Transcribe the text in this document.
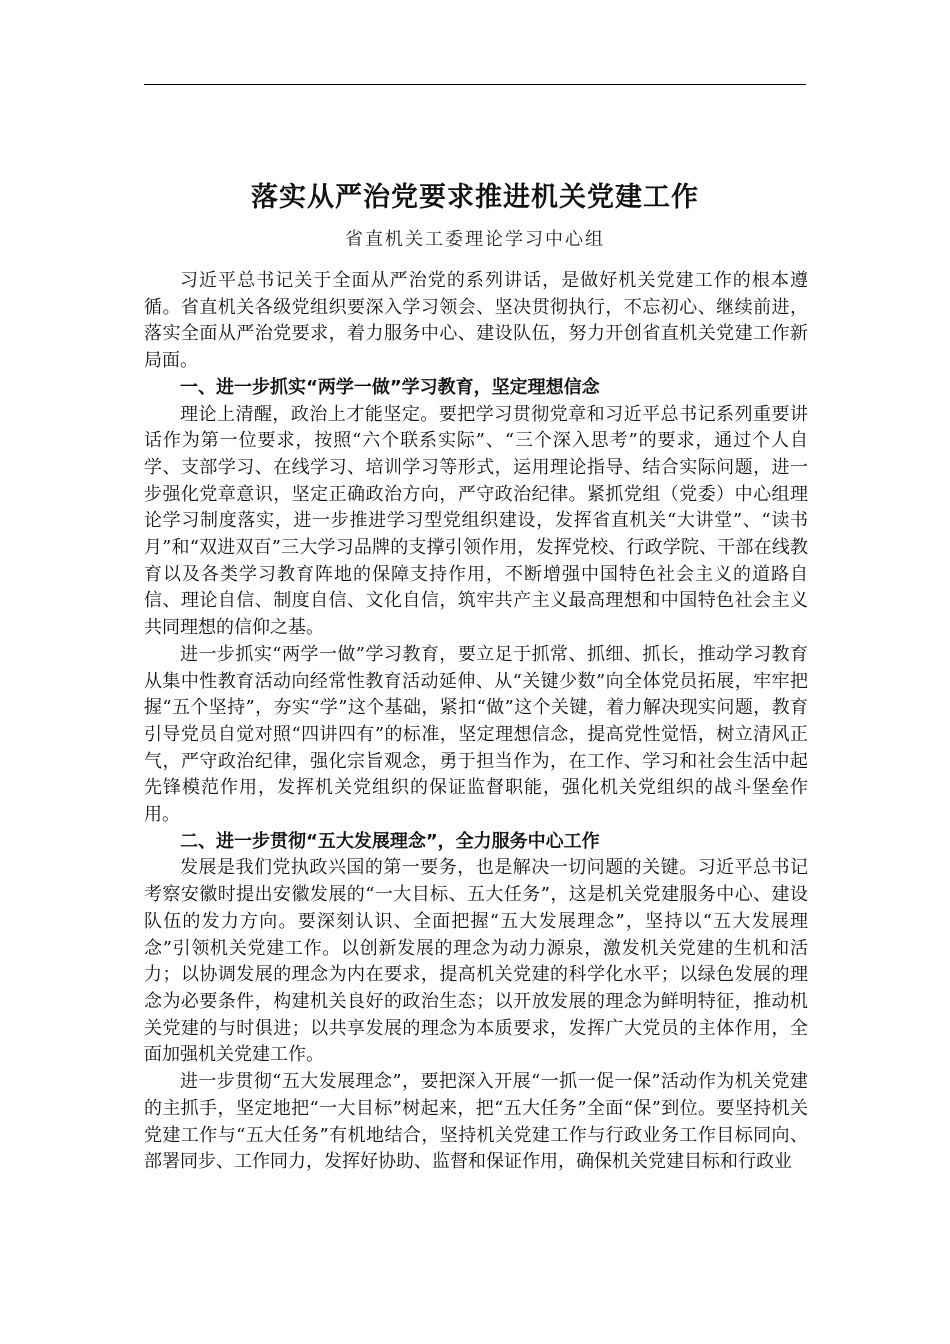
落实从严治党要求推进机关党建工作
省直机关工委理论学习中心组

习近平总书记关于全面从严治党的系列讲话，是做好机关党建工作的根本遵循。省直机关各级党组织要深入学习领会、坚决贯彻执行，不忘初心、继续前进，落实全面从严治党要求，着力服务中心、建设队伍，努力开创省直机关党建工作新局面。

一、进一步抓实“两学一做”学习教育，坚定理想信念

理论上清醒，政治上才能坚定。要把学习贯彻党章和习近平总书记系列重要讲话作为第一位要求，按照“六个联系实际”、“三个深入思考”的要求，通过个人自学、支部学习、在线学习、培训学习等形式，运用理论指导、结合实际问题，进一步强化党章意识，坚定正确政治方向，严守政治纪律。紧抓党组（党委）中心组理论学习制度落实，进一步推进学习型党组织建设，发挥省直机关“大讲堂”、“读书月”和“双进双百”三大学习品牌的支撑引领作用，发挥党校、行政学院、干部在线教育以及各类学习教育阵地的保障支持作用，不断增强中国特色社会主义的道路自信、理论自信、制度自信、文化自信，筑牢共产主义最高理想和中国特色社会主义共同理想的信仰之基。

进一步抓实“两学一做”学习教育，要立足于抓常、抓细、抓长，推动学习教育从集中性教育活动向经常性教育活动延伸、从“关键少数”向全体党员拓展，牢牢把握“五个坚持”，夯实“学”这个基础，紧扣“做”这个关键，着力解决现实问题，教育引导党员自觉对照“四讲四有”的标准，坚定理想信念，提高党性觉悟，树立清风正气，严守政治纪律，强化宗旨观念，勇于担当作为，在工作、学习和社会生活中起先锋模范作用，发挥机关党组织的保证监督职能，强化机关党组织的战斗堡垒作用。

二、进一步贯彻“五大发展理念”，全力服务中心工作

发展是我们党执政兴国的第一要务，也是解决一切问题的关键。习近平总书记考察安徽时提出安徽发展的“一大目标、五大任务”，这是机关党建服务中心、建设队伍的发力方向。要深刻认识、全面把握“五大发展理念”，坚持以“五大发展理念”引领机关党建工作。以创新发展的理念为动力源泉，激发机关党建的生机和活力；以协调发展的理念为内在要求，提高机关党建的科学化水平；以绿色发展的理念为必要条件，构建机关良好的政治生态；以开放发展的理念为鲜明特征，推动机关党建的与时俱进；以共享发展的理念为本质要求，发挥广大党员的主体作用，全面加强机关党建工作。

进一步贯彻“五大发展理念”，要把深入开展“一抓一促一保”活动作为机关党建的主抓手，坚定地把“一大目标”树起来，把“五大任务”全面“保”到位。要坚持机关党建工作与“五大任务”有机地结合，坚持机关党建工作与行政业务工作目标同向、部署同步、工作同力，发挥好协助、监督和保证作用，确保机关党建目标和行政业
